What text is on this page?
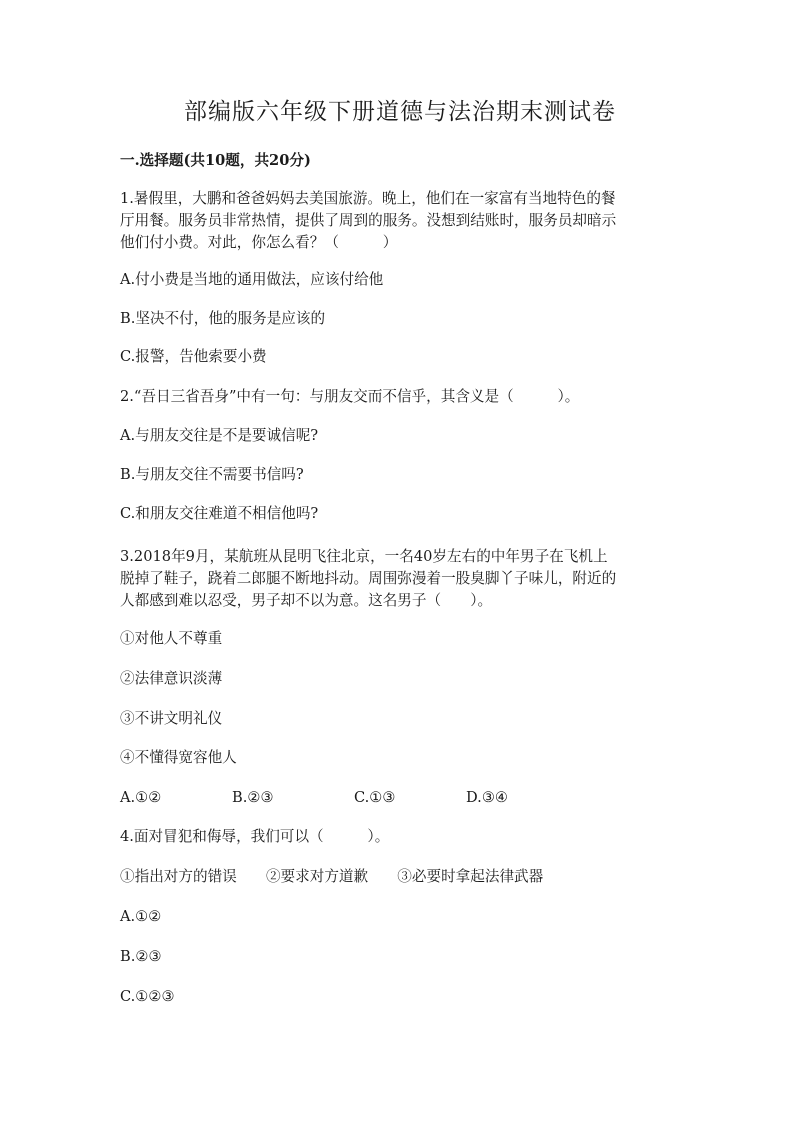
部编版六年级下册道德与法治期末测试卷
一.选择题(共10题，共20分)
1.暑假里，大鹏和爸爸妈妈去美国旅游。晚上，他们在一家富有当地特色的餐
厅用餐。服务员非常热情，提供了周到的服务。没想到结账时，服务员却暗示
他们付小费。对此，你怎么看？（　　　）
A.付小费是当地的通用做法，应该付给他
B.坚决不付，他的服务是应该的
C.报警，告他索要小费
2.“吾日三省吾身”中有一句：与朋友交而不信乎，其含义是（　　　）。
A.与朋友交往是不是要诚信呢?
B.与朋友交往不需要书信吗?
C.和朋友交往难道不相信他吗?
3.2018年9月，某航班从昆明飞往北京，一名40岁左右的中年男子在飞机上
脱掉了鞋子，跷着二郎腿不断地抖动。周围弥漫着一股臭脚丫子味儿，附近的
人都感到难以忍受，男子却不以为意。这名男子（　　）。
①对他人不尊重
②法律意识淡薄
③不讲文明礼仪
④不懂得宽容他人
A.①②	B.②③	C.①③	D.③④
4.面对冒犯和侮辱，我们可以（　　　）。
①指出对方的错误　　②要求对方道歉　　③必要时拿起法律武器
A.①②
B.②③
C.①②③
